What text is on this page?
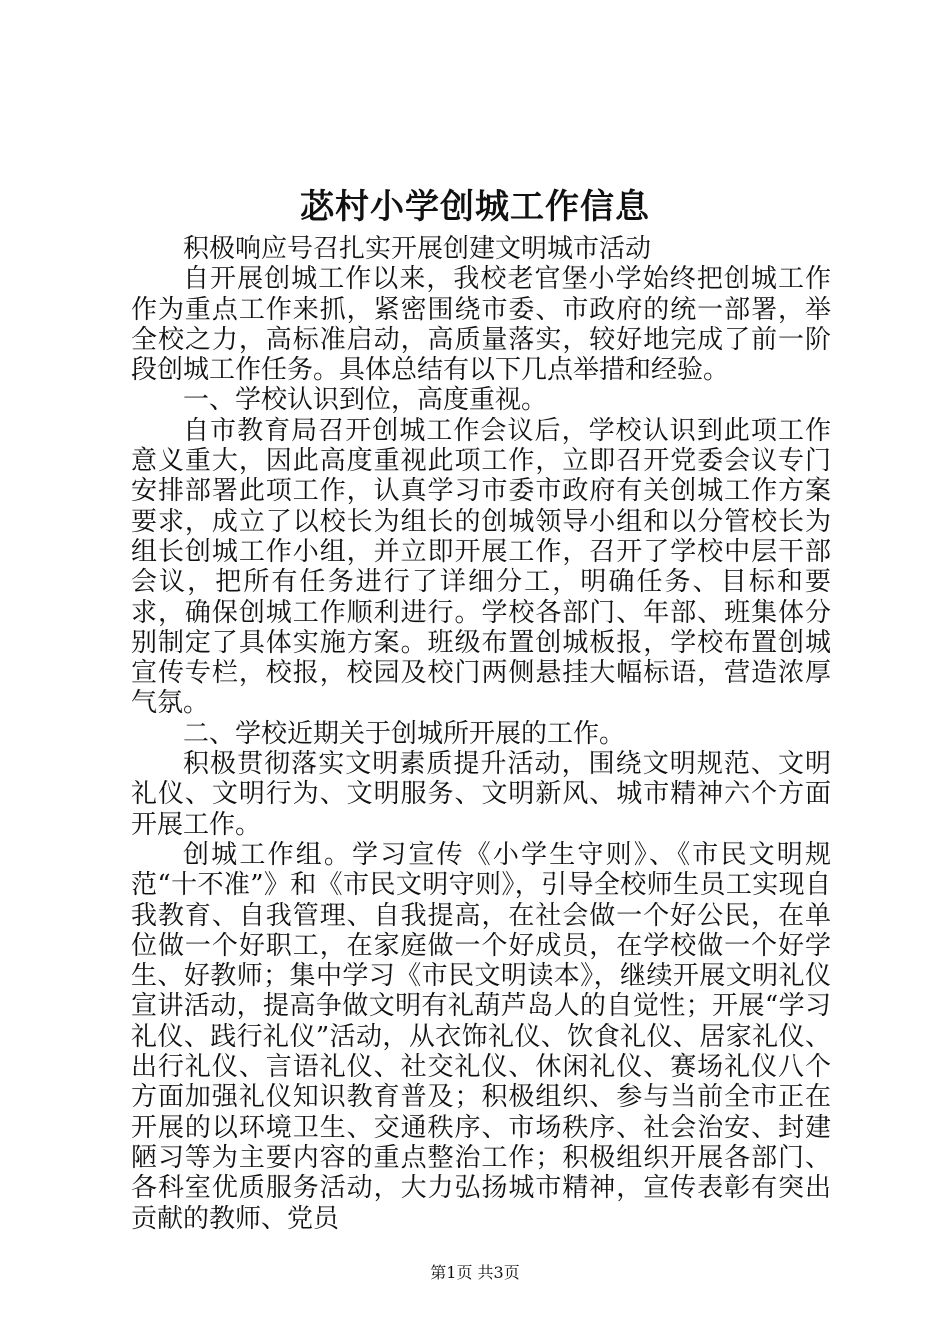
苾村小学创城工作信息

积极响应号召扎实开展创建文明城市活动

自开展创城工作以来，我校老官堡小学始终把创城工作作为重点工作来抓，紧密围绕市委、市政府的统一部署，举全校之力，高标准启动，高质量落实，较好地完成了前一阶段创城工作任务。具体总结有以下几点举措和经验。

一、学校认识到位，高度重视。

自市教育局召开创城工作会议后，学校认识到此项工作意义重大，因此高度重视此项工作，立即召开党委会议专门安排部署此项工作，认真学习市委市政府有关创城工作方案要求，成立了以校长为组长的创城领导小组和以分管校长为组长创城工作小组，并立即开展工作，召开了学校中层干部会议，把所有任务进行了详细分工，明确任务、目标和要求，确保创城工作顺利进行。学校各部门、年部、班集体分别制定了具体实施方案。班级布置创城板报，学校布置创城宣传专栏，校报，校园及校门两侧悬挂大幅标语，营造浓厚气氛。

二、学校近期关于创城所开展的工作。

积极贯彻落实文明素质提升活动，围绕文明规范、文明礼仪、文明行为、文明服务、文明新风、城市精神六个方面开展工作。

创城工作组。学习宣传《小学生守则》、《市民文明规范“十不准”》和《市民文明守则》，引导全校师生员工实现自我教育、自我管理、自我提高，在社会做一个好公民，在单位做一个好职工，在家庭做一个好成员，在学校做一个好学生、好教师；集中学习《市民文明读本》，继续开展文明礼仪宣讲活动，提高争做文明有礼葫芦岛人的自觉性；开展“学习礼仪、践行礼仪”活动，从衣饰礼仪、饮食礼仪、居家礼仪、出行礼仪、言语礼仪、社交礼仪、休闲礼仪、赛场礼仪八个方面加强礼仪知识教育普及；积极组织、参与当前全市正在开展的以环境卫生、交通秩序、市场秩序、社会治安、封建陋习等为主要内容的重点整治工作；积极组织开展各部门、各科室优质服务活动，大力弘扬城市精神，宣传表彰有突出贡献的教师、党员

第1页 共3页
